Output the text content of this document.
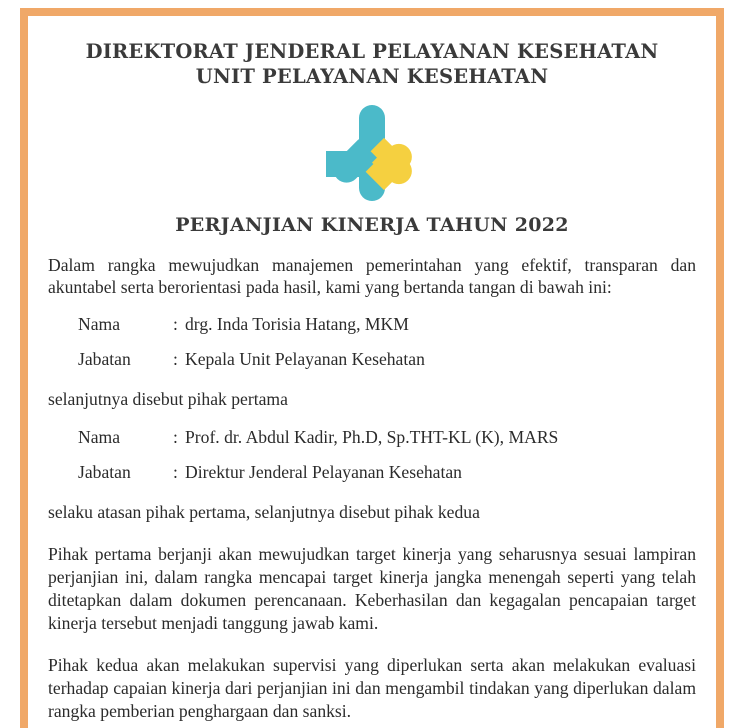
DIREKTORAT JENDERAL PELAYANAN KESEHATAN
UNIT PELAYANAN KESEHATAN
PERJANJIAN KINERJA TAHUN 2022
Dalam rangka mewujudkan manajemen pemerintahan yang efektif, transparan dan akuntabel serta berorientasi pada hasil, kami yang bertanda tangan di bawah ini:
Nama	: drg. Inda Torisia Hatang, MKM
Jabatan	: Kepala Unit Pelayanan Kesehatan
selanjutnya disebut pihak pertama
Nama	: Prof. dr. Abdul Kadir, Ph.D, Sp.THT-KL (K), MARS
Jabatan	: Direktur Jenderal Pelayanan Kesehatan
selaku atasan pihak pertama, selanjutnya disebut pihak kedua
Pihak pertama berjanji akan mewujudkan target kinerja yang seharusnya sesuai lampiran perjanjian ini, dalam rangka mencapai target kinerja jangka menengah seperti yang telah ditetapkan dalam dokumen perencanaan. Keberhasilan dan kegagalan pencapaian target kinerja tersebut menjadi tanggung jawab kami.
Pihak kedua akan melakukan supervisi yang diperlukan serta akan melakukan evaluasi terhadap capaian kinerja dari perjanjian ini dan mengambil tindakan yang diperlukan dalam rangka pemberian penghargaan dan sanksi.
